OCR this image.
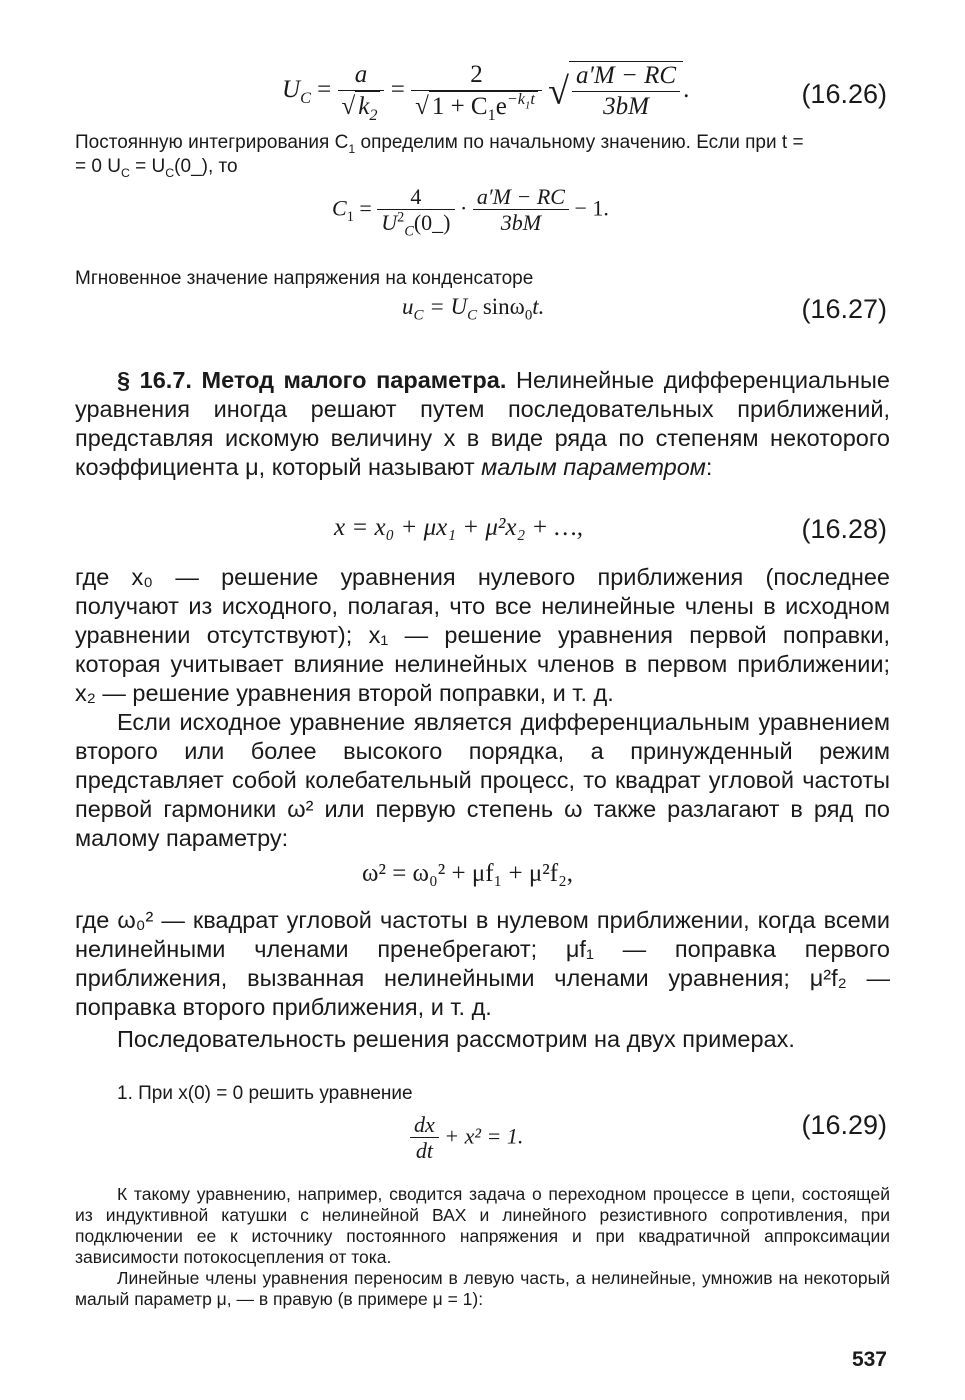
$U_C = \frac{a}{√ k_2} = \frac{2}{√ 1 + C_1e^{-k_1t}}$ √ $\frac{a'M - RC}{3bM}$ .	(16.26)
Постоянную интегрирования $C_1$ определим по начальному значению. Если при t =
= 0 $U_C$ = $U_C(0\_)$, то
$C_1 = \frac{4}{U^2_C(0\_)} \cdot \frac{a'M - RC}{3bM} - 1$.
Мгновенное значение напряжения на конденсаторе
$u_C = U_C$ sinω$_0$t.	(16.27)
§ 16.7. Метод малого параметра. Нелинейные дифференциальные уравнения иногда решают путем последовательных приближений, представляя искомую величину x в виде ряда по степеням некоторого коэффициента μ, который называют малым параметром:
x = x₀ + μx₁ + μ²x₂ + …,	(16.28)
где x₀ — решение уравнения нулевого приближения (последнее получают из исходного, полагая, что все нелинейные члены в исходном уравнении отсутствуют); x₁ — решение уравнения первой поправки, которая учитывает влияние нелинейных членов в первом приближении; x₂ — решение уравнения второй поправки, и т. д.
Если исходное уравнение является дифференциальным уравнением второго или более высокого порядка, а принужденный режим представляет собой колебательный процесс, то квадрат угловой частоты первой гармоники ω² или первую степень ω также разлагают в ряд по малому параметру:
ω² = ω₀² + μf₁ + μ²f₂,
где ω₀² — квадрат угловой частоты в нулевом приближении, когда всеми нелинейными членами пренебрегают; μf₁ — поправка первого приближения, вызванная нелинейными членами уравнения; μ²f₂ — поправка второго приближения, и т. д.
Последовательность решения рассмотрим на двух примерах.
1. При x(0) = 0 решить уравнение
$\frac{dx}{dt} + x^2 = 1$.	(16.29)
К такому уравнению, например, сводится задача о переходном процессе в цепи, состоящей из индуктивной катушки с нелинейной ВАХ и линейного резистивного сопротивления, при подключении ее к источнику постоянного напряжения и при квадратичной аппроксимации зависимости потокосцепления от тока.
Линейные члены уравнения переносим в левую часть, а нелинейные, умножив на некоторый малый параметр μ, — в правую (в примере μ = 1):
537
